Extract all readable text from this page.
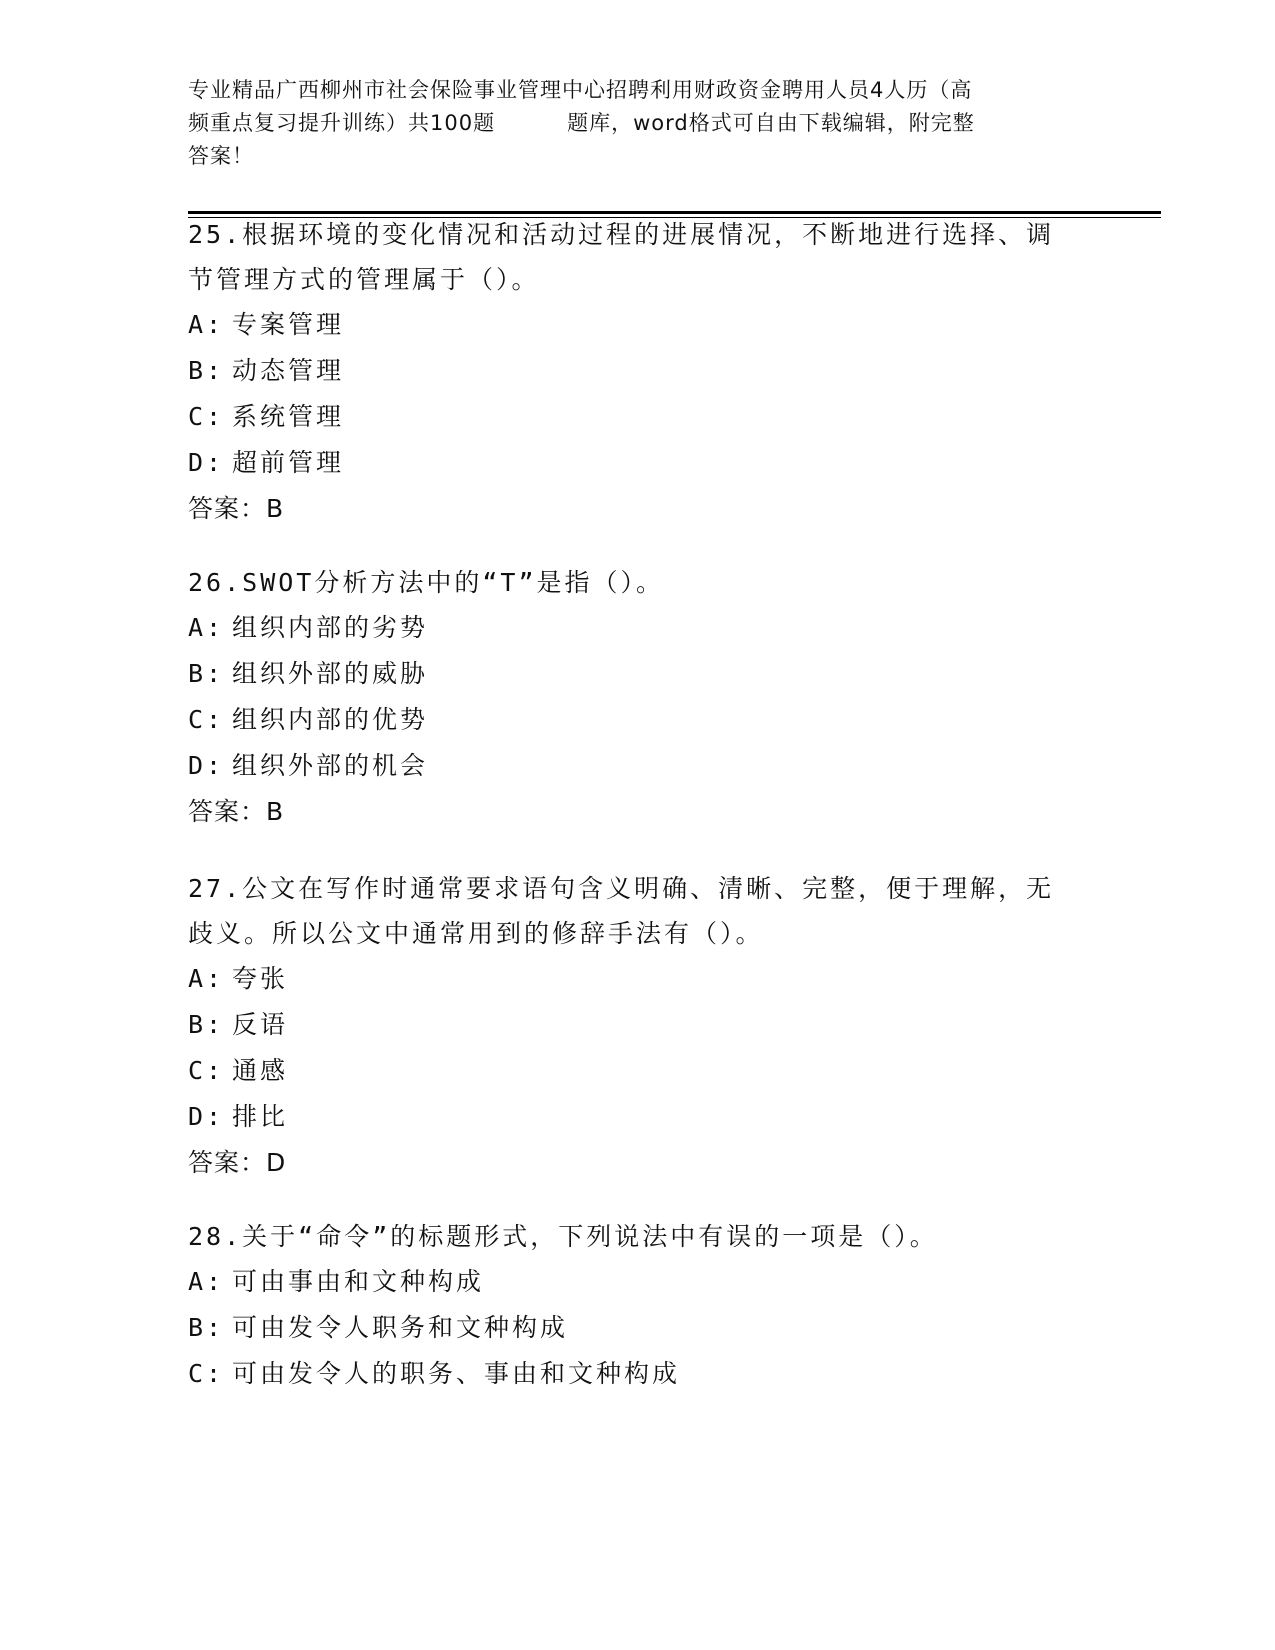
专业精品广西柳州市社会保险事业管理中心招聘利用财政资金聘用人员4人历（高
频重点复习提升训练）共100题	题库，word格式可自由下载编辑，附完整
答案！

25.根据环境的变化情况和活动过程的进展情况，不断地进行选择、调

节管理方式的管理属于（）。

A: 专案管理

B: 动态管理

C: 系统管理

D: 超前管理

答案：B

26.SWOT分析方法中的“T”是指（）。

A: 组织内部的劣势

B: 组织外部的威胁

C: 组织内部的优势

D: 组织外部的机会

答案：B

27.公文在写作时通常要求语句含义明确、清晰、完整，便于理解，无

歧义。所以公文中通常用到的修辞手法有（）。

A: 夸张

B: 反语

C: 通感

D: 排比

答案：D

28.关于“命令”的标题形式，下列说法中有误的一项是（）。

A: 可由事由和文种构成

B: 可由发令人职务和文种构成

C: 可由发令人的职务、事由和文种构成
